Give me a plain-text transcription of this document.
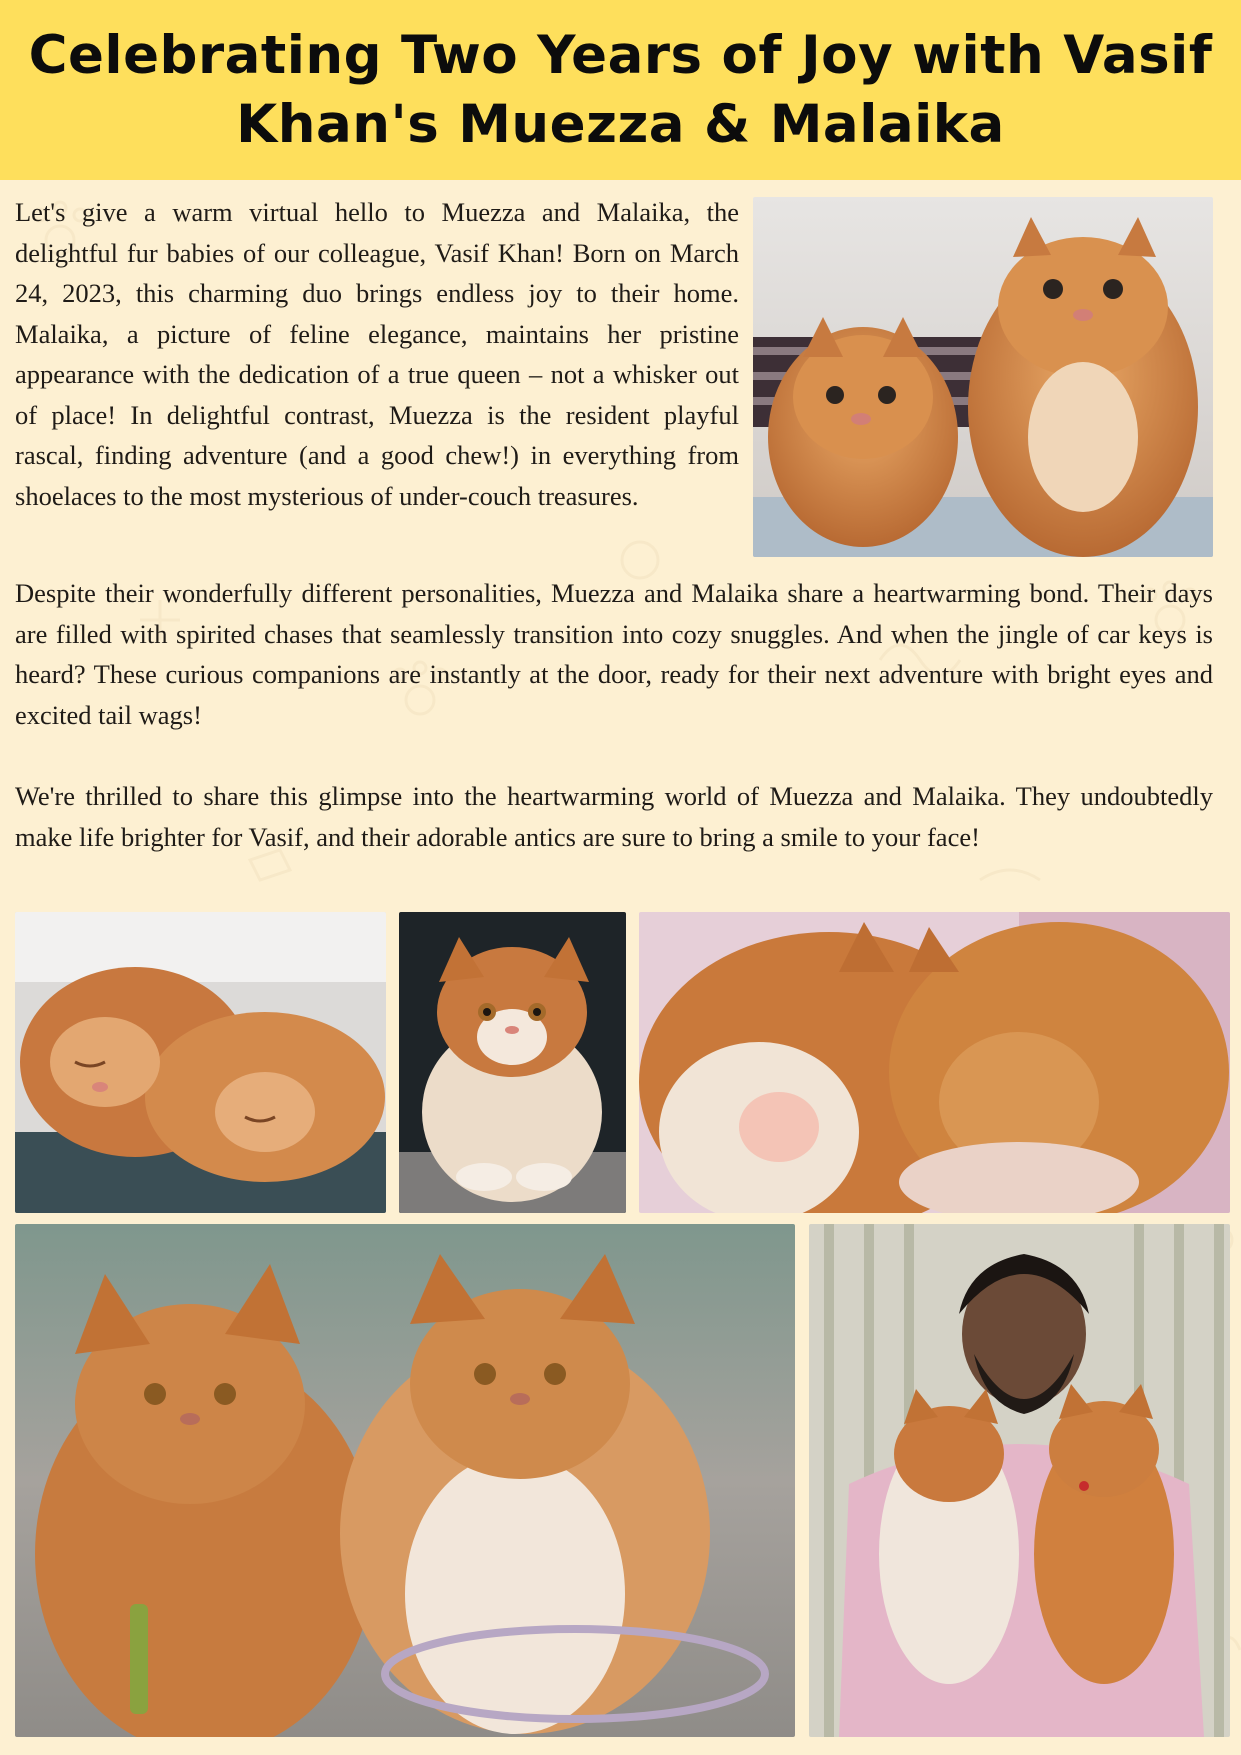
Celebrating Two Years of Joy with Vasif Khan's Muezza & Malaika

Let's give a warm virtual hello to Muezza and Malaika, the delightful fur babies of our colleague, Vasif Khan! Born on March 24, 2023, this charming duo brings endless joy to their home. Malaika, a picture of feline elegance, maintains her pristine appearance with the dedication of a true queen – not a whisker out of place! In delightful contrast, Muezza is the resident playful rascal, finding adventure (and a good chew!) in everything from shoelaces to the most mysterious of under-couch treasures.

Despite their wonderfully different personalities, Muezza and Malaika share a heartwarming bond. Their days are filled with spirited chases that seamlessly transition into cozy snuggles. And when the jingle of car keys is heard? These curious companions are instantly at the door, ready for their next adventure with bright eyes and excited tail wags!

We're thrilled to share this glimpse into the heartwarming world of Muezza and Malaika. They undoubtedly make life brighter for Vasif, and their adorable antics are sure to bring a smile to your face!
